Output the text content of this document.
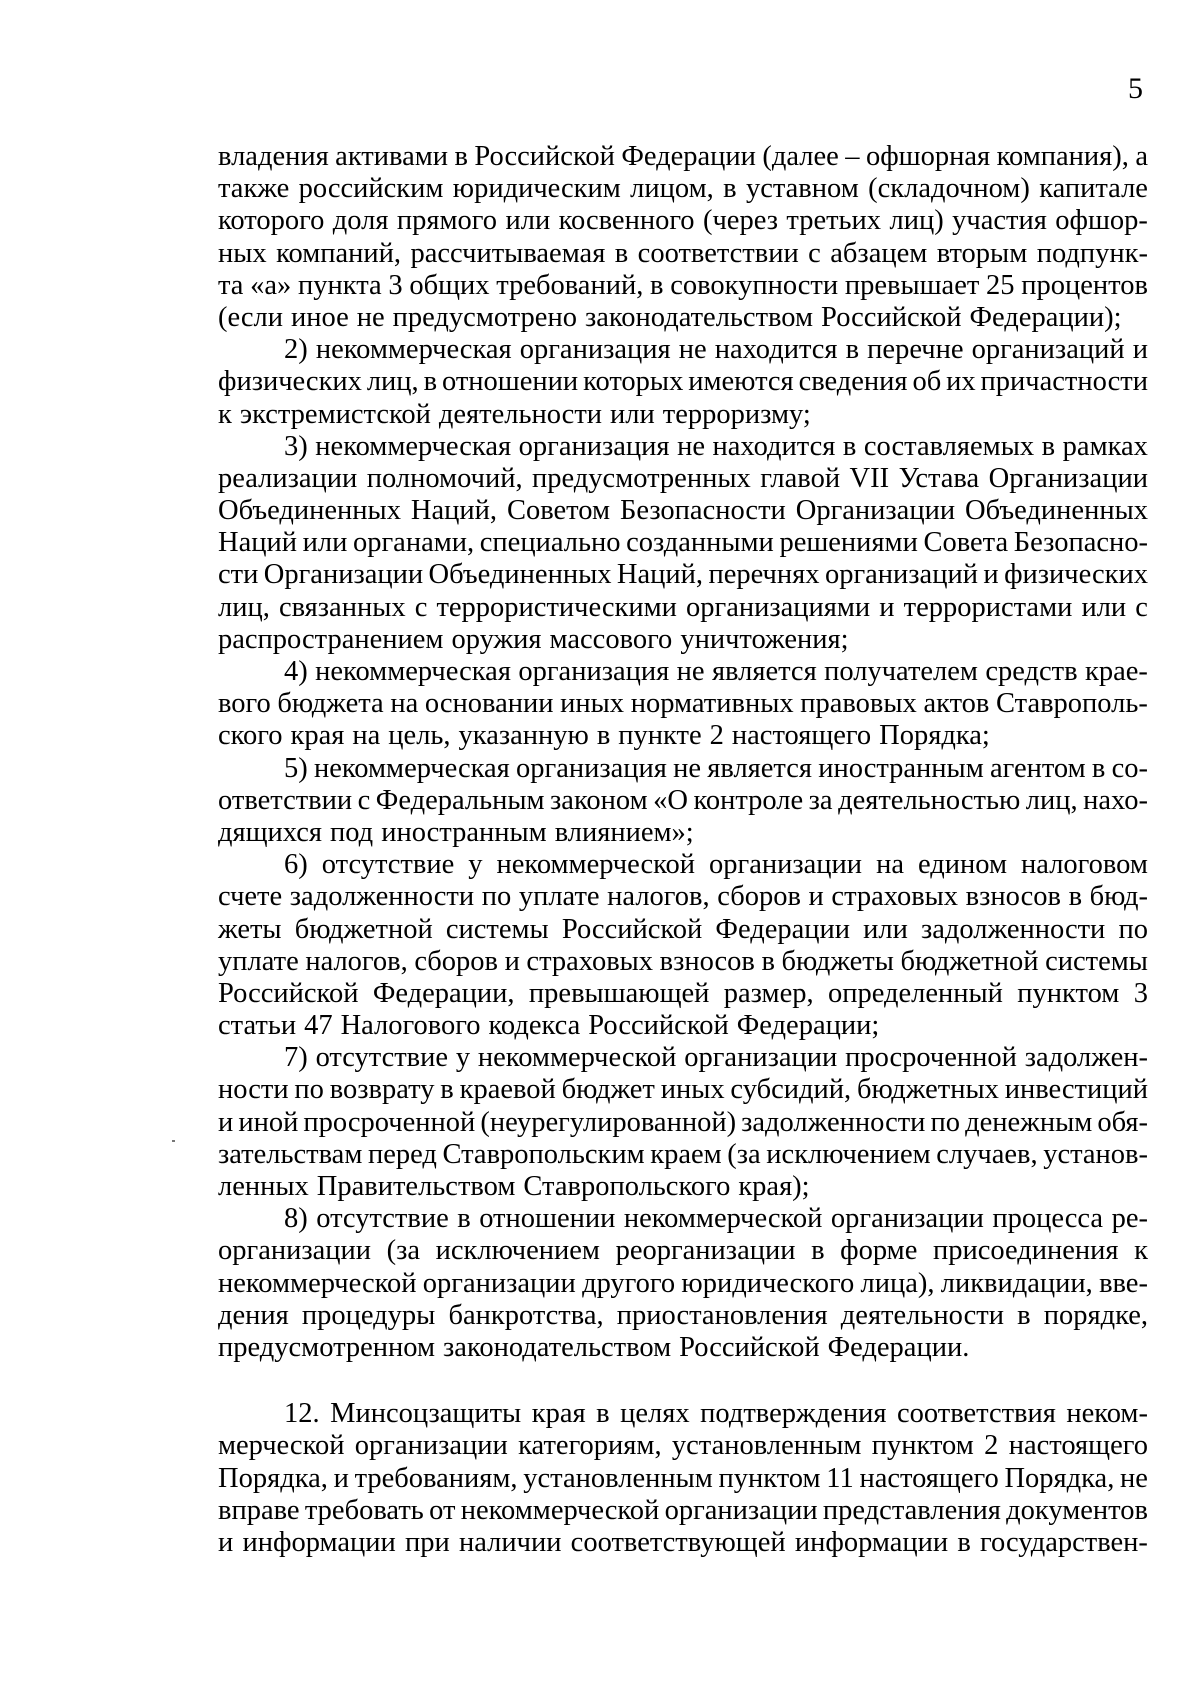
5
владения активами в Российской Федерации (далее – офшорная компания), а
также российским юридическим лицом, в уставном (складочном) капитале
которого доля прямого или косвенного (через третьих лиц) участия офшор-
ных компаний, рассчитываемая в соответствии с абзацем вторым подпунк-
та «а» пункта 3 общих требований, в совокупности превышает 25 процентов
(если иное не предусмотрено законодательством Российской Федерации);
2) некоммерческая организация не находится в перечне организаций и
физических лиц, в отношении которых имеются сведения об их причастности
к экстремистской деятельности или терроризму;
3) некоммерческая организация не находится в составляемых в рамках
реализации полномочий, предусмотренных главой VII Устава Организации
Объединенных Наций, Советом Безопасности Организации Объединенных
Наций или органами, специально созданными решениями Совета Безопасно-
сти Организации Объединенных Наций, перечнях организаций и физических
лиц, связанных с террористическими организациями и террористами или с
распространением оружия массового уничтожения;
4) некоммерческая организация не является получателем средств крае-
вого бюджета на основании иных нормативных правовых актов Ставрополь-
ского края на цель, указанную в пункте 2 настоящего Порядка;
5) некоммерческая организация не является иностранным агентом в со-
ответствии с Федеральным законом «О контроле за деятельностью лиц, нахо-
дящихся под иностранным влиянием»;
6) отсутствие у некоммерческой организации на едином налоговом
счете задолженности по уплате налогов, сборов и страховых взносов в бюд-
жеты бюджетной системы Российской Федерации или задолженности по
уплате налогов, сборов и страховых взносов в бюджеты бюджетной системы
Российской Федерации, превышающей размер, определенный пунктом 3
статьи 47 Налогового кодекса Российской Федерации;
7) отсутствие у некоммерческой организации просроченной задолжен-
ности по возврату в краевой бюджет иных субсидий, бюджетных инвестиций
и иной просроченной (неурегулированной) задолженности по денежным обя-
зательствам перед Ставропольским краем (за исключением случаев, установ-
ленных Правительством Ставропольского края);
8) отсутствие в отношении некоммерческой организации процесса ре-
организации (за исключением реорганизации в форме присоединения к
некоммерческой организации другого юридического лица), ликвидации, вве-
дения процедуры банкротства, приостановления деятельности в порядке,
предусмотренном законодательством Российской Федерации.
12. Минсоцзащиты края в целях подтверждения соответствия неком-
мерческой организации категориям, установленным пунктом 2 настоящего
Порядка, и требованиям, установленным пунктом 11 настоящего Порядка, не
вправе требовать от некоммерческой организации представления документов
и информации при наличии соответствующей информации в государствен-
